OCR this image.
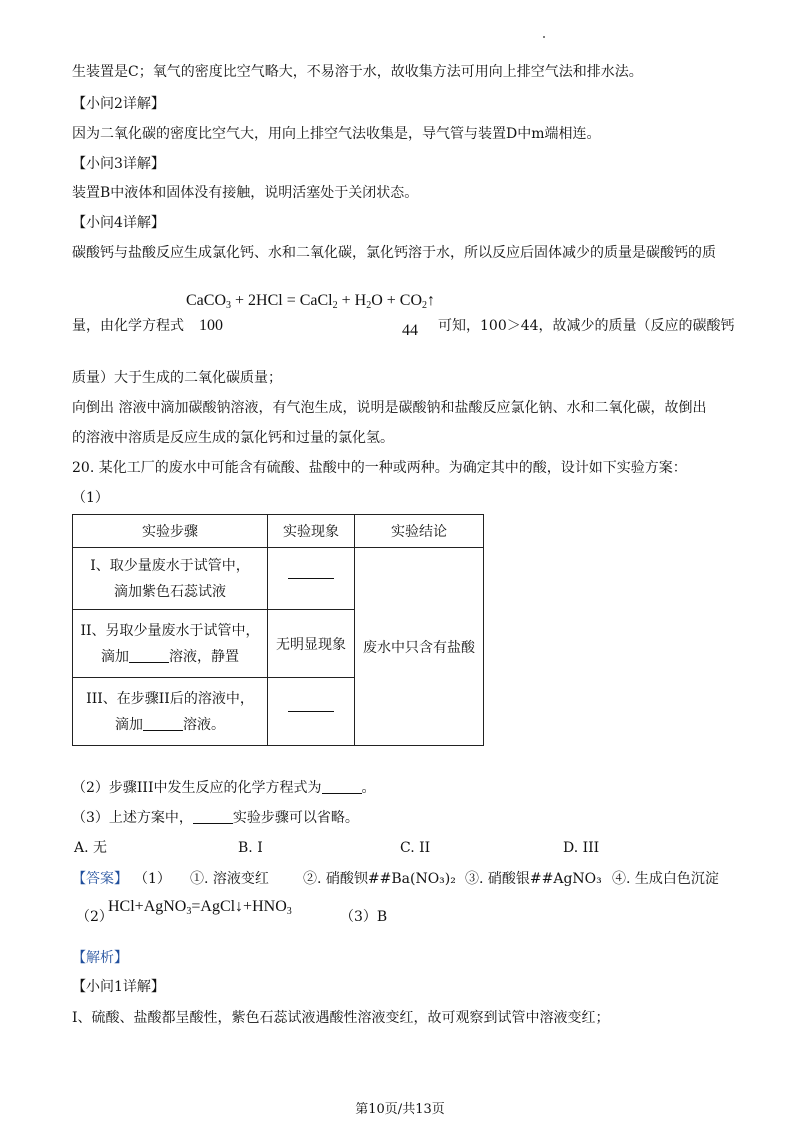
生装置是C；氧气的密度比空气略大，不易溶于水，故收集方法可用向上排空气法和排水法。
【小问2详解】
因为二氧化碳的密度比空气大，用向上排空气法收集是，导气管与装置D中m端相连。
【小问3详解】
装置B中液体和固体没有接触，说明活塞处于关闭状态。
【小问4详解】
碳酸钙与盐酸反应生成氯化钙、水和二氧化碳，氯化钙溶于水，所以反应后固体减少的质量是碳酸钙的质
CaCO$_3$ + 2HCl = CaCl$_2$ + $H_2O$ + $CO_2↑$
量，由化学方程式 100	44 可知，100＞44，故减少的质量（反应的碳酸钙
质量）大于生成的二氧化碳质量；
向倒出 溶液中滴加碳酸钠溶液，有气泡生成，说明是碳酸钠和盐酸反应氯化钠、水和二氧化碳，故倒出
的溶液中溶质是反应生成的氯化钙和过量的氯化氢。
20. 某化工厂的废水中可能含有硫酸、盐酸中的一种或两种。为确定其中的酸，设计如下实验方案：
（1）
实验步骤	实验现象	实验结论

I、取少量废水于试管中，
滴加紫色石蕊试液		废水中只含有盐酸

II、另取少量废水于试管中，
滴加 溶液，静置	无明显现象	

III、在步骤II后的溶液中，
滴加 溶液。		

（2）步骤III中发生反应的化学方程式为	。
（3）上述方案中，	实验步骤可以省略。
A. 无	B. I	C. II	D. III
【答案】 （1） ①. 溶液变红 ②. 硝酸钡##Ba(NO₃)₂ ③. 硝酸银##AgNO₃ ④. 生成白色沉淀
（2）
$HCl+AgNO_3=AgCl↓+HNO_3$	（3）B
【解析】
【小问1详解】
I、硫酸、盐酸都呈酸性，紫色石蕊试液遇酸性溶液变红，故可观察到试管中溶液变红；
第10页/共13页
